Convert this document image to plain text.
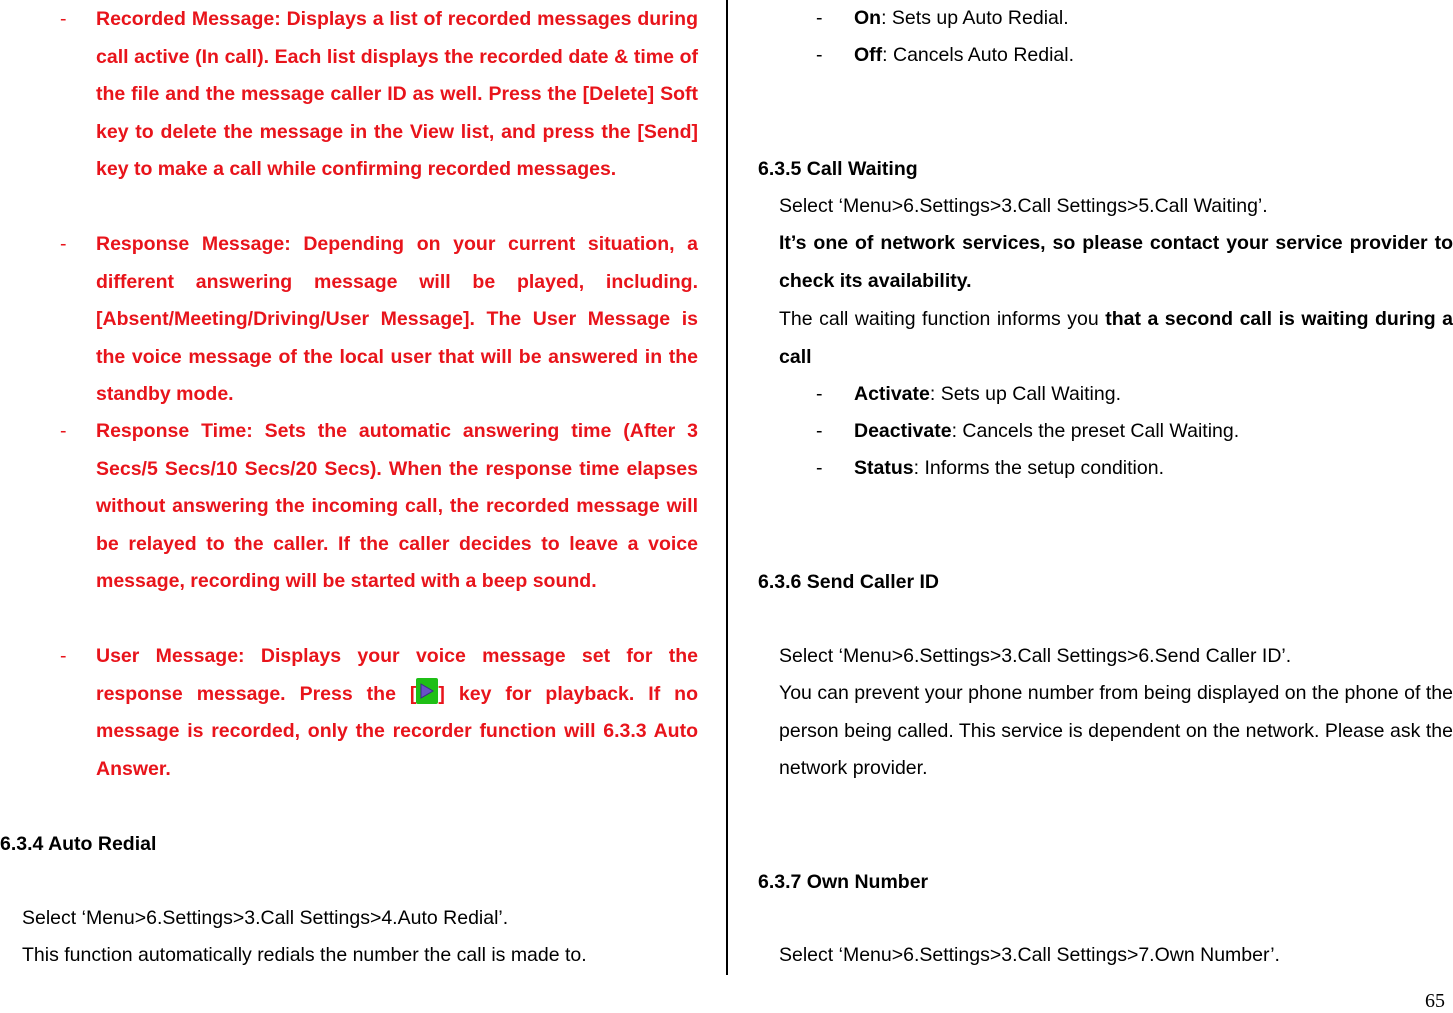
- Recorded Message: Displays a list of recorded messages during call active (In call). Each list displays the recorded date & time of the file and the message caller ID as well. Press the [Delete] Soft key to delete the message in the View list, and press the [Send] key to make a call while confirming recorded messages.
- Response Message: Depending on your current situation, a different answering message will be played, including. [Absent/Meeting/Driving/User Message]. The User Message is the voice message of the local user that will be answered in the standby mode.
- Response Time: Sets the automatic answering time (After 3 Secs/5 Secs/10 Secs/20 Secs). When the response time elapses without answering the incoming call, the recorded message will be relayed to the caller. If the caller decides to leave a voice message, recording will be started with a beep sound.
- User Message: Displays your voice message set for the response message. Press the [ ] key for playback. If no message is recorded, only the recorder function will 6.3.3 Auto Answer.
6.3.4 Auto Redial
Select ‘Menu>6.Settings>3.Call Settings>4.Auto Redial’.
This function automatically redials the number the call is made to.
- On: Sets up Auto Redial.
- Off: Cancels Auto Redial.
6.3.5 Call Waiting
Select ‘Menu>6.Settings>3.Call Settings>5.Call Waiting’.
It’s one of network services, so please contact your service provider to check its availability.
The call waiting function informs you that a second call is waiting during a call
- Activate: Sets up Call Waiting.
- Deactivate: Cancels the preset Call Waiting.
- Status: Informs the setup condition.
6.3.6 Send Caller ID
Select ‘Menu>6.Settings>3.Call Settings>6.Send Caller ID’.
You can prevent your phone number from being displayed on the phone of the person being called. This service is dependent on the network. Please ask the network provider.
6.3.7 Own Number
Select ‘Menu>6.Settings>3.Call Settings>7.Own Number’.
65
